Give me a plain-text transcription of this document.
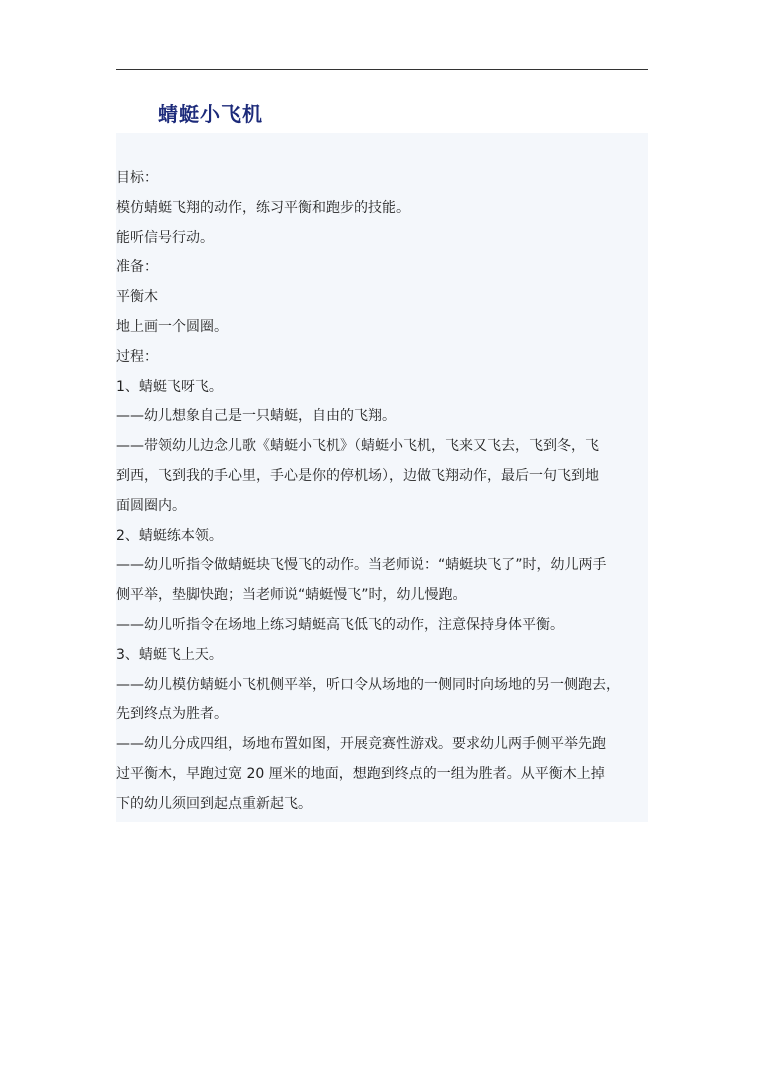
蜻蜓小飞机
目标：
模仿蜻蜓飞翔的动作，练习平衡和跑步的技能。
能听信号行动。
准备：
平衡木
地上画一个圆圈。
过程：
1、蜻蜓飞呀飞。
——幼儿想象自己是一只蜻蜓，自由的飞翔。
——带领幼儿边念儿歌《蜻蜓小飞机》（蜻蜓小飞机，飞来又飞去，飞到冬，飞
到西，飞到我的手心里，手心是你的停机场），边做飞翔动作，最后一句飞到地
面圆圈内。
2、蜻蜓练本领。
——幼儿听指令做蜻蜓块飞慢飞的动作。当老师说：“蜻蜓块飞了”时，幼儿两手
侧平举，垫脚快跑；当老师说“蜻蜓慢飞”时，幼儿慢跑。
——幼儿听指令在场地上练习蜻蜓高飞低飞的动作，注意保持身体平衡。
3、蜻蜓飞上天。
——幼儿模仿蜻蜓小飞机侧平举，听口令从场地的一侧同时向场地的另一侧跑去，
先到终点为胜者。
——幼儿分成四组，场地布置如图，开展竞赛性游戏。要求幼儿两手侧平举先跑
过平衡木，早跑过宽 20 厘米的地面，想跑到终点的一组为胜者。从平衡木上掉
下的幼儿须回到起点重新起飞。
